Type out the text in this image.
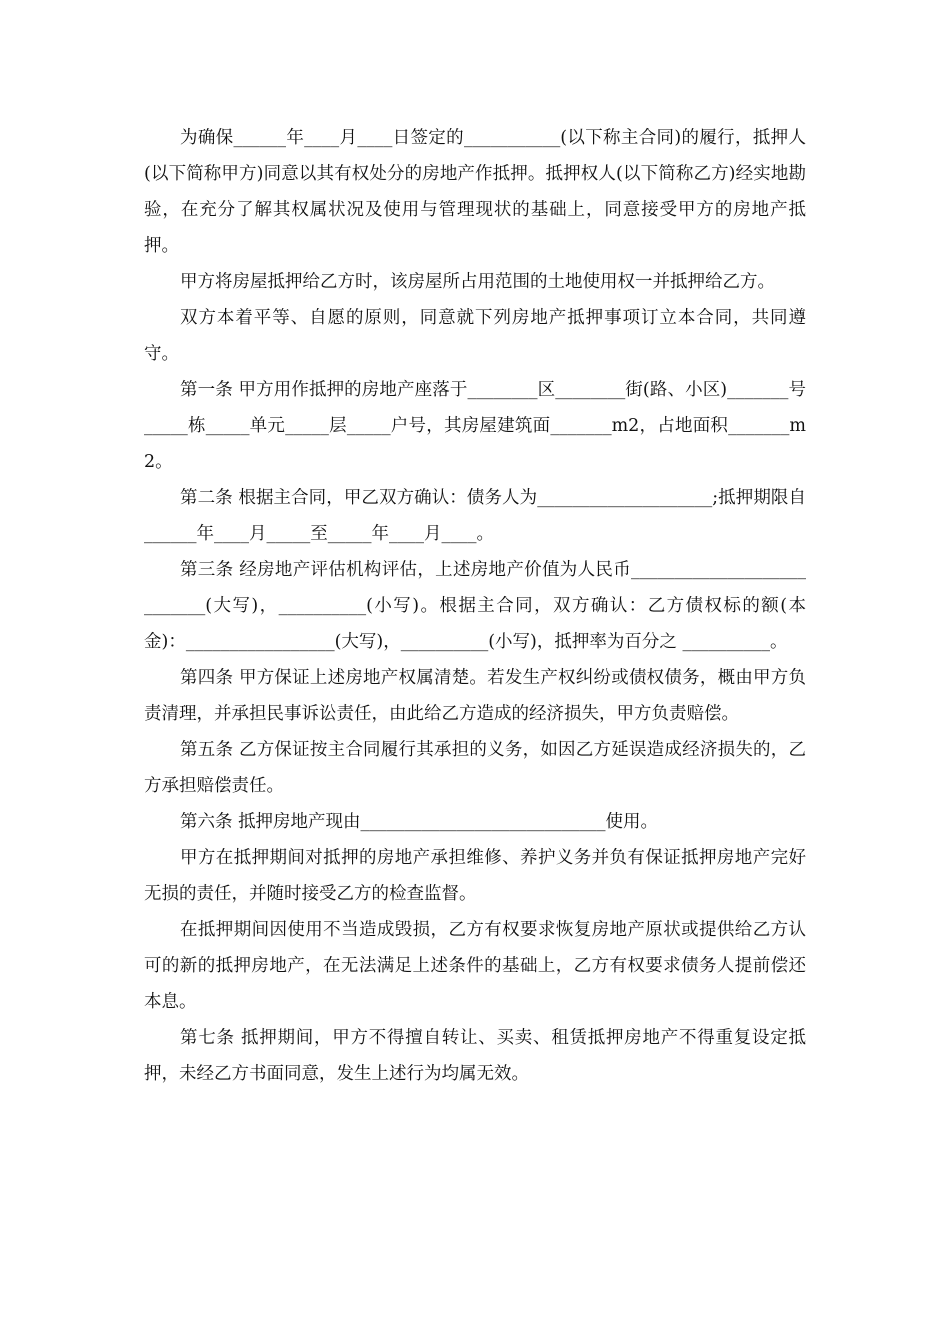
为确保______年____月____日签定的___________(以下称主合同)的履行，抵押人(以下简称甲方)同意以其有权处分的房地产作抵押。抵押权人(以下简称乙方)经实地勘验，在充分了解其权属状况及使用与管理现状的基础上，同意接受甲方的房地产抵押。

甲方将房屋抵押给乙方时，该房屋所占用范围的土地使用权一并抵押给乙方。

双方本着平等、自愿的原则，同意就下列房地产抵押事项订立本合同，共同遵守。

第一条 甲方用作抵押的房地产座落于________区________街(路、小区)_______号_____栋_____单元_____层_____户号，其房屋建筑面_______m2，占地面积_______m2。

第二条 根据主合同，甲乙双方确认：债务人为____________________;抵押期限自______年____月_____至_____年____月____。

第三条 经房地产评估机构评估，上述房地产价值为人民币___________________________(大写)，__________(小写)。根据主合同，双方确认：乙方债权标的额(本金)：_________________(大写)，__________(小写)，抵押率为百分之 __________。

第四条 甲方保证上述房地产权属清楚。若发生产权纠纷或债权债务，概由甲方负责清理，并承担民事诉讼责任，由此给乙方造成的经济损失，甲方负责赔偿。

第五条 乙方保证按主合同履行其承担的义务，如因乙方延误造成经济损失的，乙方承担赔偿责任。

第六条 抵押房地产现由____________________________使用。

甲方在抵押期间对抵押的房地产承担维修、养护义务并负有保证抵押房地产完好无损的责任，并随时接受乙方的检查监督。

在抵押期间因使用不当造成毁损，乙方有权要求恢复房地产原状或提供给乙方认可的新的抵押房地产，在无法满足上述条件的基础上，乙方有权要求债务人提前偿还本息。

第七条 抵押期间，甲方不得擅自转让、买卖、租赁抵押房地产不得重复设定抵押，未经乙方书面同意，发生上述行为均属无效。
